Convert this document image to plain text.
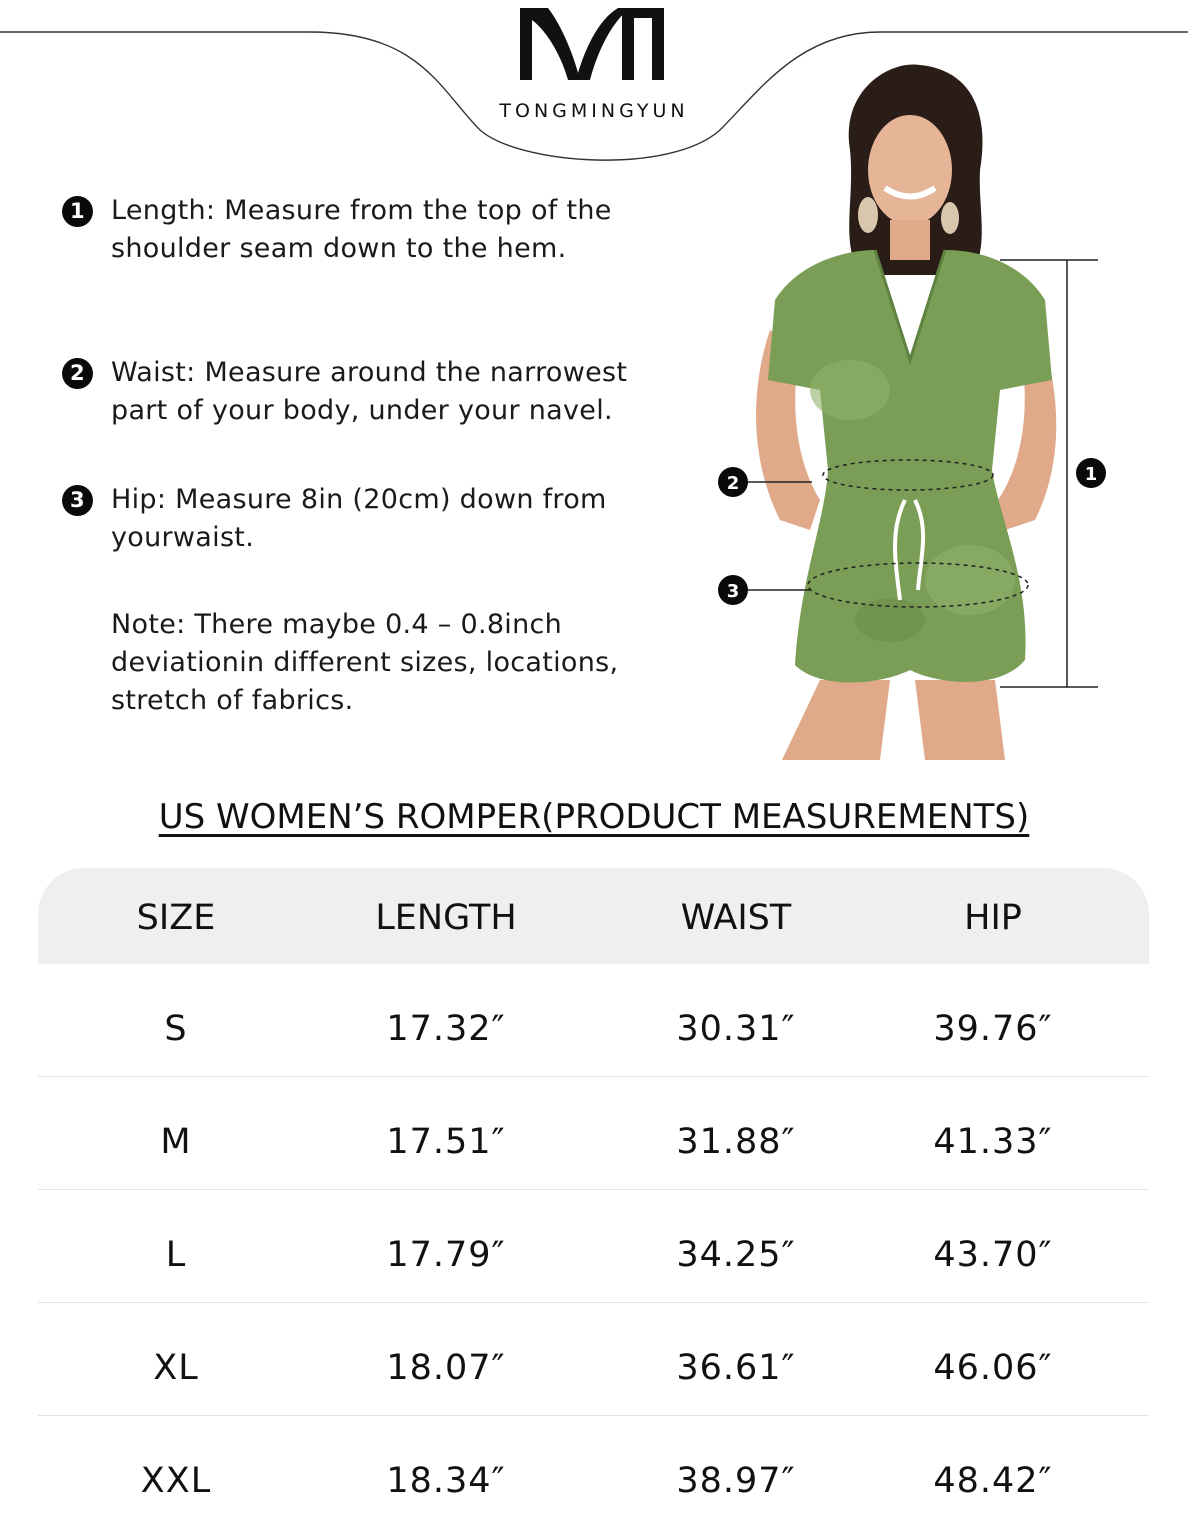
TONGMINGYUN
1 Length: Measure from the top of the shoulder seam down to the hem.
2 Waist: Measure around the narrowest part of your body, under your navel.
3 Hip: Measure 8in (20cm) down from yourwaist.
Note: There maybe 0.4 – 0.8inch deviationin different sizes, locations, stretch of fabrics.
1
2
3
US WOMEN’S ROMPER(PRODUCT MEASUREMENTS)
SIZE	LENGTH	WAIST	HIP
S	17.32″	30.31″	39.76″
M	17.51″	31.88″	41.33″
L	17.79″	34.25″	43.70″
XL	18.07″	36.61″	46.06″
XXL	18.34″	38.97″	48.42″
